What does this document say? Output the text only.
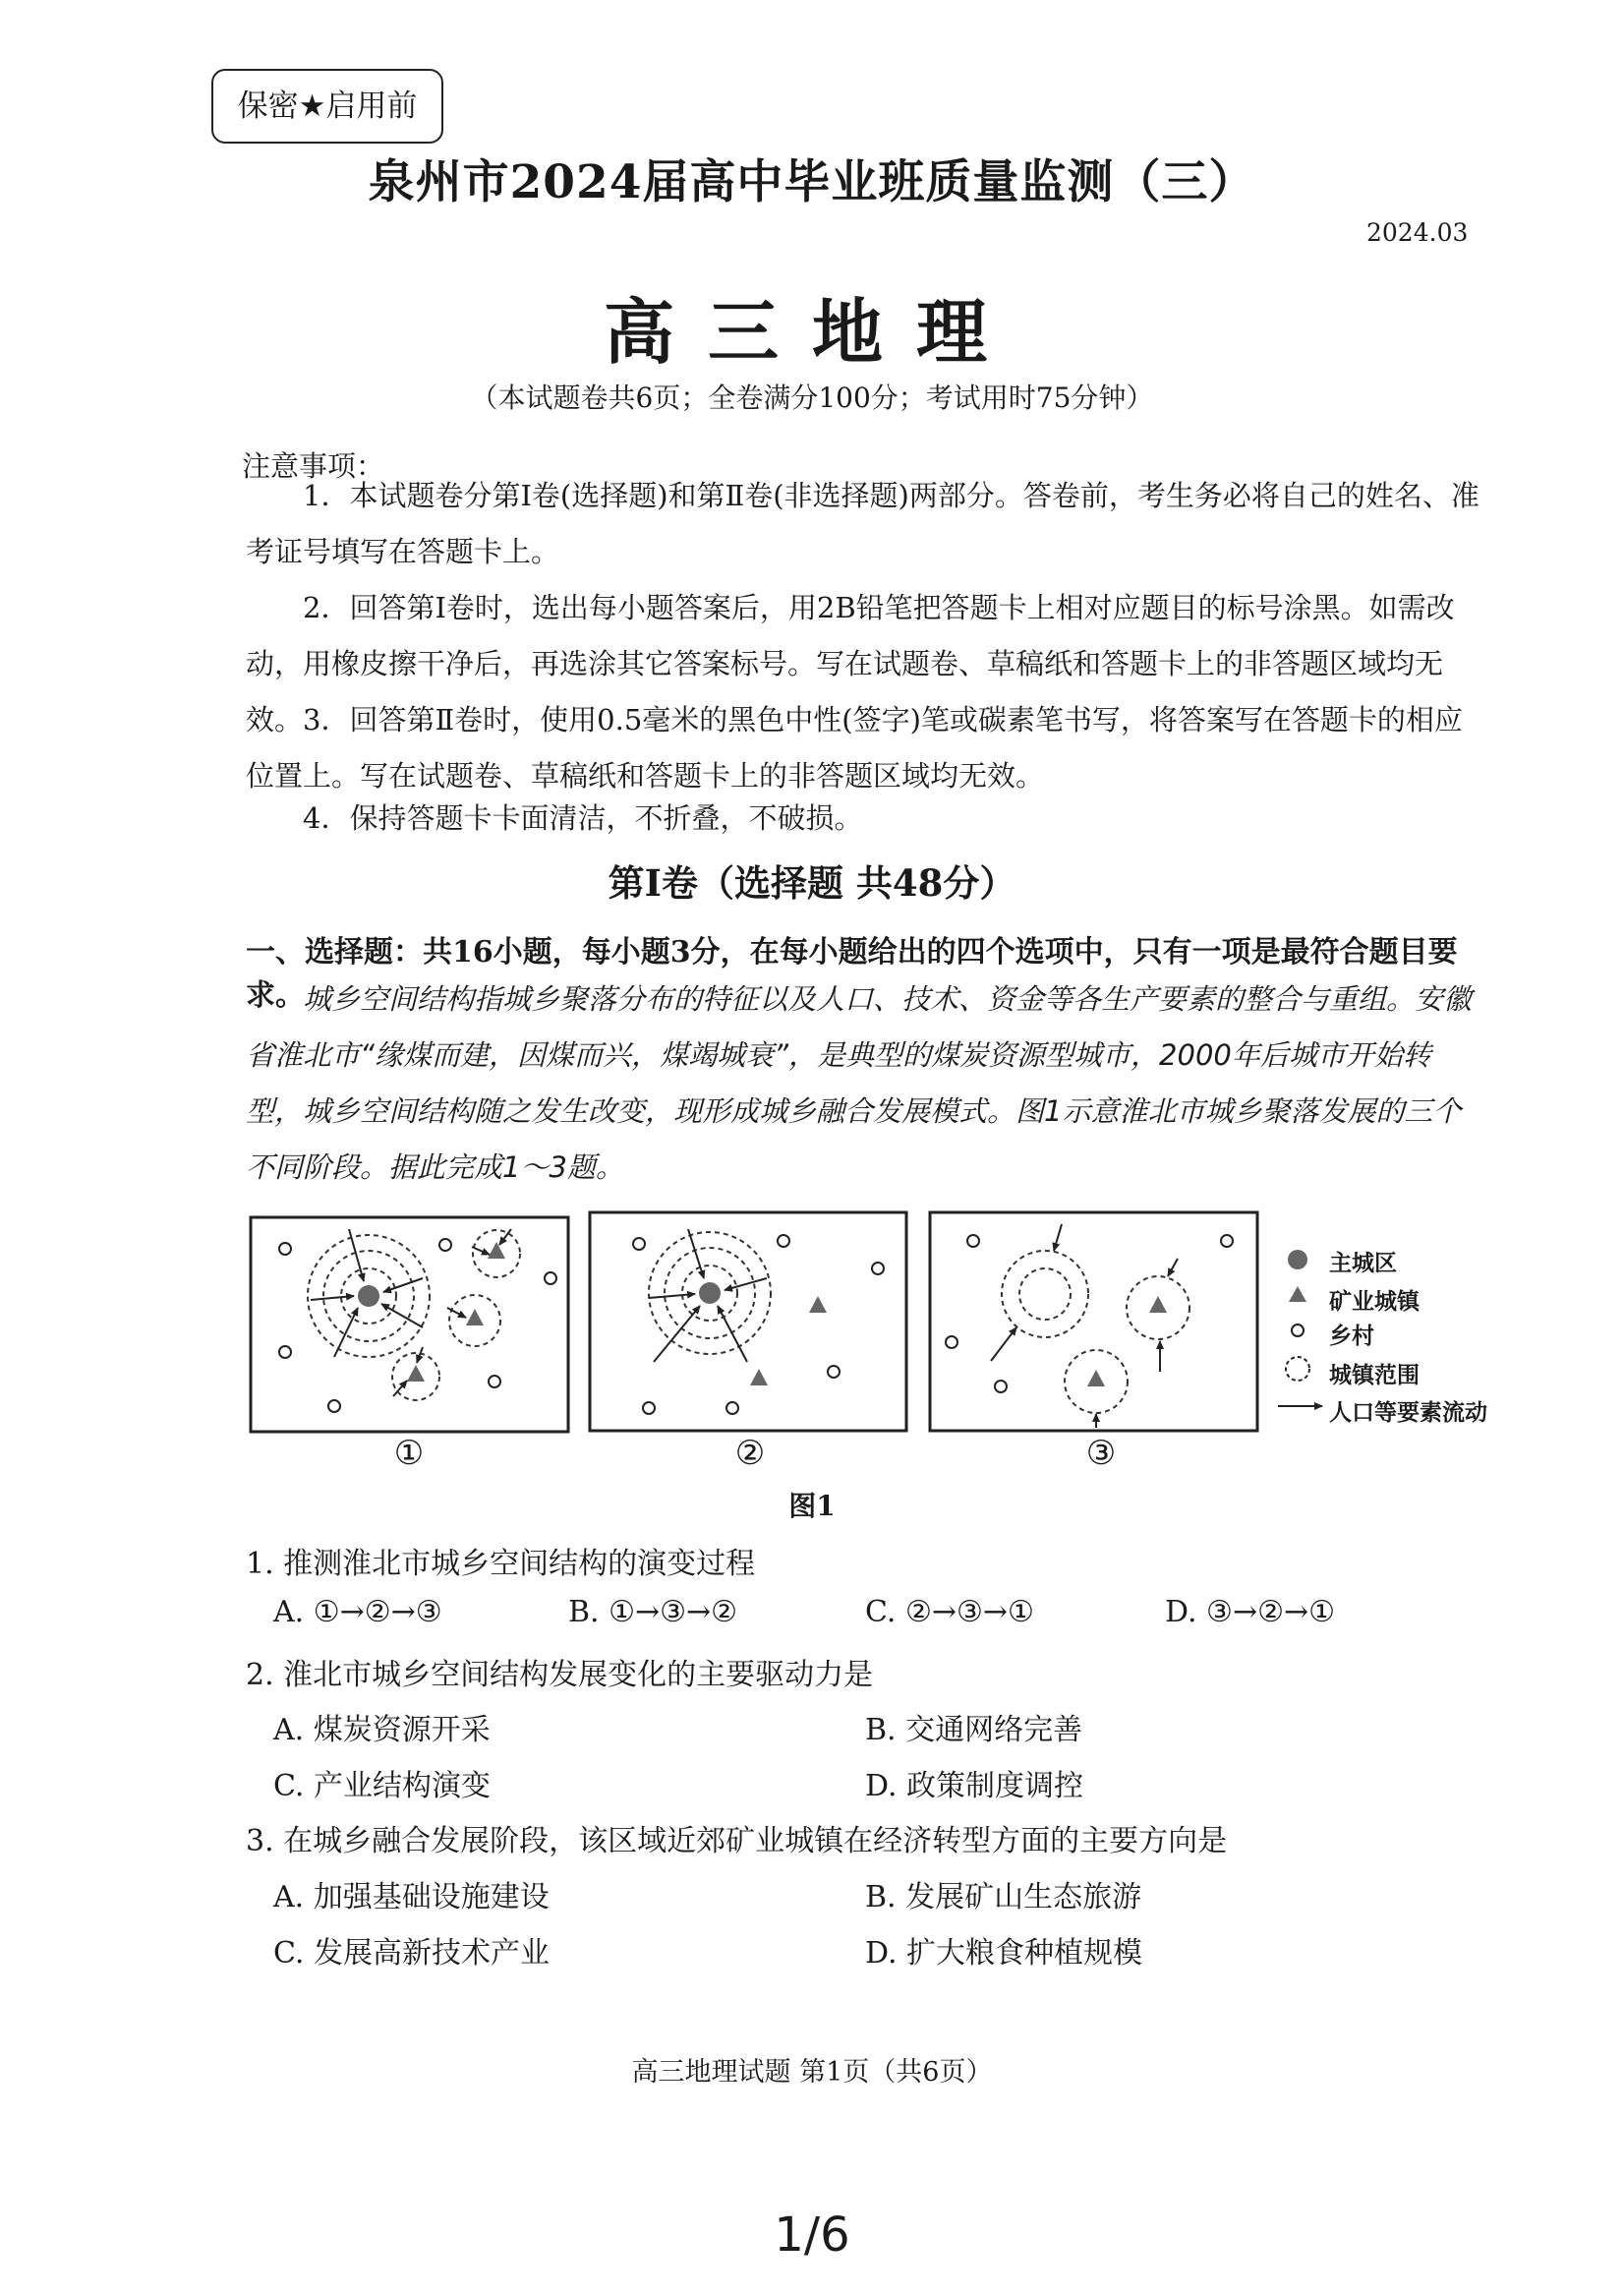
保密★启用前
泉州市2024届高中毕业班质量监测（三）
2024.03
高三地理
（本试题卷共6页；全卷满分100分；考试用时75分钟）
注意事项：
1．本试题卷分第Ⅰ卷(选择题)和第Ⅱ卷(非选择题)两部分。答卷前，考生务必将自己的姓名、准考证号填写在答题卡上。
2．回答第Ⅰ卷时，选出每小题答案后，用2B铅笔把答题卡上相对应题目的标号涂黑。如需改动，用橡皮擦干净后，再选涂其它答案标号。写在试题卷、草稿纸和答题卡上的非答题区域均无效。 3．回答第Ⅱ卷时，使用0.5毫米的黑色中性(签字)笔或碳素笔书写，将答案写在答题卡的相应位置上。写在试题卷、草稿纸和答题卡上的非答题区域均无效。
4．保持答题卡卡面清洁，不折叠，不破损。
第Ⅰ卷（选择题 共48分）
一、选择题：共16小题，每小题3分，在每小题给出的四个选项中，只有一项是最符合题目要求。
城乡空间结构指城乡聚落分布的特征以及人口、技术、资金等各生产要素的整合与重组。安徽省淮北市“缘煤而建，因煤而兴，煤竭城衰”，是典型的煤炭资源型城市，2000年后城市开始转型，城乡空间结构随之发生改变，现形成城乡融合发展模式。图1示意淮北市城乡聚落发展的三个不同阶段。据此完成1～3题。
主城区
矿业城镇
乡村
城镇范围
人口等要素流动
①	②	③
图1
1. 推测淮北市城乡空间结构的演变过程
A. ①→②→③	B. ①→③→②	C. ②→③→①	D. ③→②→①
2. 淮北市城乡空间结构发展变化的主要驱动力是
A. 煤炭资源开采	B. 交通网络完善
C. 产业结构演变	D. 政策制度调控
3. 在城乡融合发展阶段，该区域近郊矿业城镇在经济转型方面的主要方向是
A. 加强基础设施建设	B. 发展矿山生态旅游
C. 发展高新技术产业	D. 扩大粮食种植规模
高三地理试题 第1页（共6页）
1/6
